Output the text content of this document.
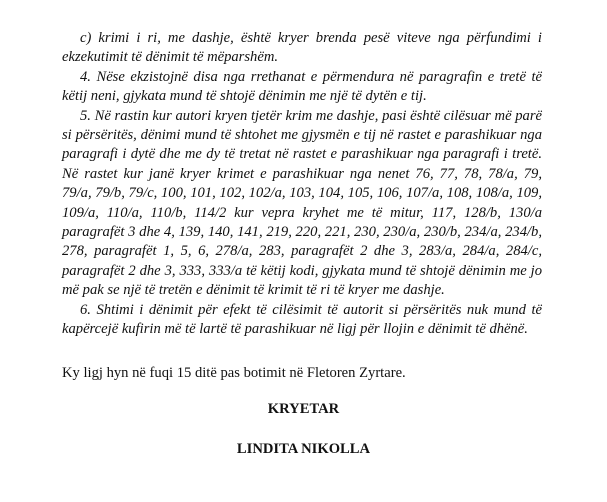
c) krimi i ri, me dashje, është kryer brenda pesë viteve nga përfundimi i ekzekutimit të dënimit të mëparshëm.

4. Nëse ekzistojnë disa nga rrethanat e përmendura në paragrafin e tretë të këtij neni, gjykata mund të shtojë dënimin me një të dytën e tij.

5. Në rastin kur autori kryen tjetër krim me dashje, pasi është cilësuar më parë si përsëritës, dënimi mund të shtohet me gjysmën e tij në rastet e parashikuar nga paragrafi i dytë dhe me dy të tretat në rastet e parashikuar nga paragrafi i tretë. Në rastet kur janë kryer krimet e parashikuar nga nenet 76, 77, 78, 78/a, 79, 79/a, 79/b, 79/c, 100, 101, 102, 102/a, 103, 104, 105, 106, 107/a, 108, 108/a, 109, 109/a, 110/a, 110/b, 114/2 kur vepra kryhet me të mitur, 117, 128/b, 130/a paragrafët 3 dhe 4, 139, 140, 141, 219, 220, 221, 230, 230/a, 230/b, 234/a, 234/b, 278, paragrafët 1, 5, 6, 278/a, 283, paragrafët 2 dhe 3, 283/a, 284/a, 284/c, paragrafët 2 dhe 3, 333, 333/a të këtij kodi, gjykata mund të shtojë dënimin me jo më pak se një të tretën e dënimit të krimit të ri të kryer me dashje.

6. Shtimi i dënimit për efekt të cilësimit të autorit si përsëritës nuk mund të kapërcejë kufirin më të lartë të parashikuar në ligj për llojin e dënimit të dhënë.

Ky ligj hyn në fuqi 15 ditë pas botimit në Fletoren Zyrtare.

KRYETAR
LINDITA NIKOLLA
